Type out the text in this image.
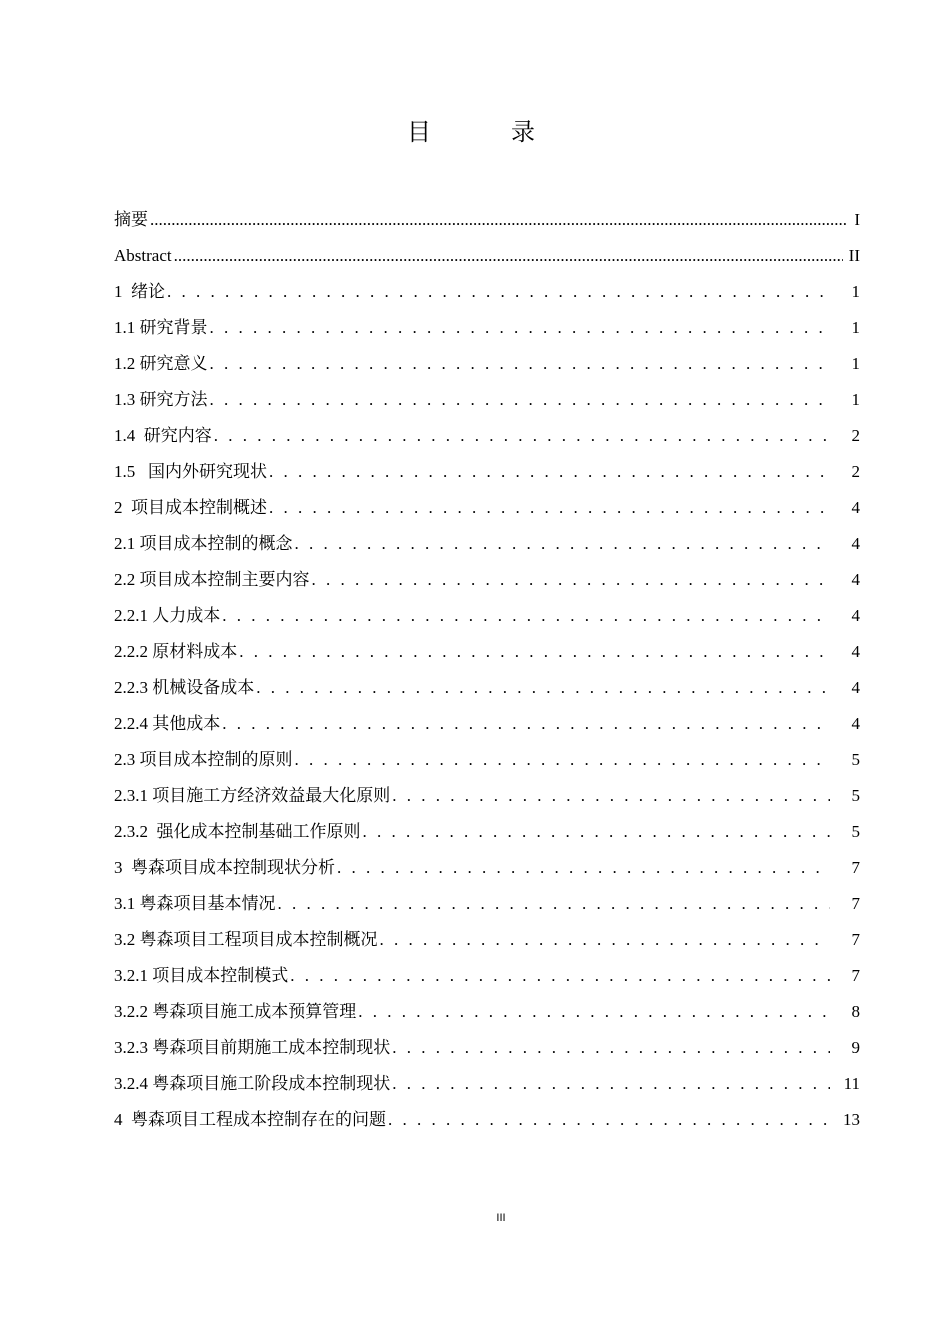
目　录
摘要 .....	I
Abstract .....	II
1  绪论 . . .	1
1.1 研究背景 . . .	1
1.2 研究意义 . . .	1
1.3 研究方法 . . .	1
1.4  研究内容 . . .	2
1.5   国内外研究现状 . . .	2
2  项目成本控制概述 . . .	4
2.1 项目成本控制的概念 . . .	4
2.2 项目成本控制主要内容 . . .	4
2.2.1 人力成本 . . .	4
2.2.2 原材料成本 . . .	4
2.2.3 机械设备成本 . . .	4
2.2.4 其他成本 . . .	4
2.3 项目成本控制的原则 . . .	5
2.3.1 项目施工方经济效益最大化原则 . . .	5
2.3.2  强化成本控制基础工作原则 . . .	5
3  粤森项目成本控制现状分析 . . .	7
3.1 粤森项目基本情况 . . .	7
3.2 粤森项目工程项目成本控制概况 . . .	7
3.2.1 项目成本控制模式 . . .	7
3.2.2 粤森项目施工成本预算管理 . . .	8
3.2.3 粤森项目前期施工成本控制现状 . . .	9
3.2.4 粤森项目施工阶段成本控制现状 . . .	11
4  粤森项目工程成本控制存在的问题 . . .	13
III
